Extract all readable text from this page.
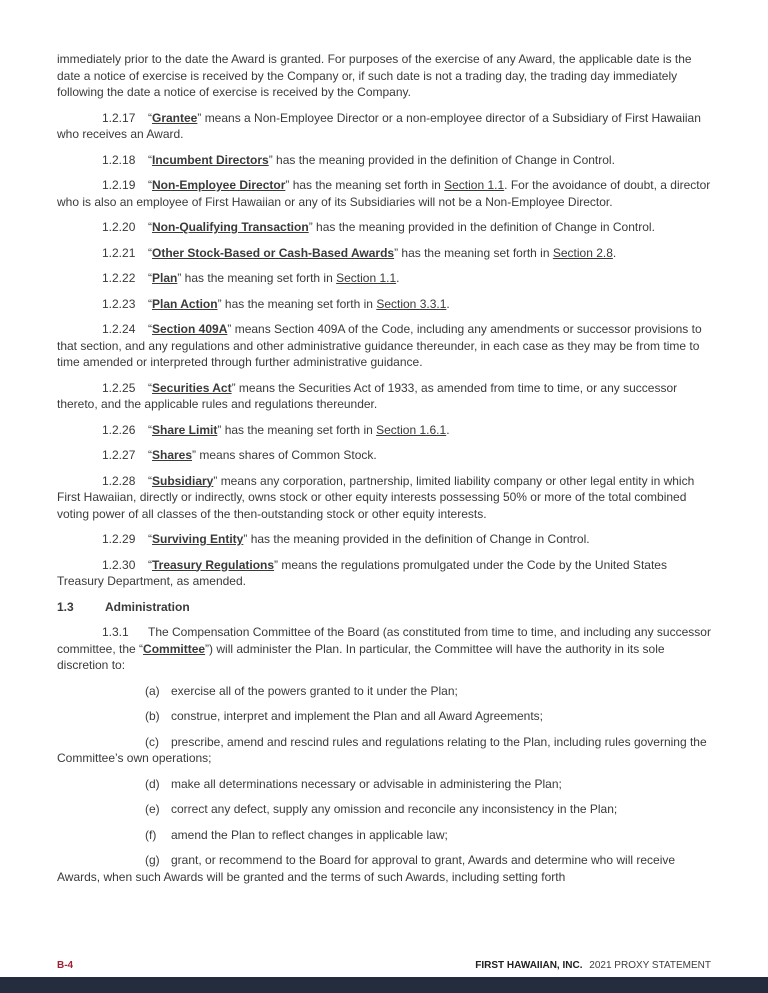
immediately prior to the date the Award is granted. For purposes of the exercise of any Award, the applicable date is the date a notice of exercise is received by the Company or, if such date is not a trading day, the trading day immediately following the date a notice of exercise is received by the Company.

1.2.17 “Grantee” means a Non-Employee Director or a non-employee director of a Subsidiary of First Hawaiian who receives an Award.

1.2.18 “Incumbent Directors” has the meaning provided in the definition of Change in Control.

1.2.19 “Non-Employee Director” has the meaning set forth in Section 1.1. For the avoidance of doubt, a director who is also an employee of First Hawaiian or any of its Subsidiaries will not be a Non-Employee Director.

1.2.20 “Non-Qualifying Transaction” has the meaning provided in the definition of Change in Control.

1.2.21 “Other Stock-Based or Cash-Based Awards” has the meaning set forth in Section 2.8.

1.2.22 “Plan” has the meaning set forth in Section 1.1.

1.2.23 “Plan Action” has the meaning set forth in Section 3.3.1.

1.2.24 “Section 409A” means Section 409A of the Code, including any amendments or successor provisions to that section, and any regulations and other administrative guidance thereunder, in each case as they may be from time to time amended or interpreted through further administrative guidance.

1.2.25 “Securities Act” means the Securities Act of 1933, as amended from time to time, or any successor thereto, and the applicable rules and regulations thereunder.

1.2.26 “Share Limit” has the meaning set forth in Section 1.6.1.

1.2.27 “Shares” means shares of Common Stock.

1.2.28 “Subsidiary” means any corporation, partnership, limited liability company or other legal entity in which First Hawaiian, directly or indirectly, owns stock or other equity interests possessing 50% or more of the total combined voting power of all classes of the then-outstanding stock or other equity interests.

1.2.29 “Surviving Entity” has the meaning provided in the definition of Change in Control.

1.2.30 “Treasury Regulations” means the regulations promulgated under the Code by the United States Treasury Department, as amended.

1.3	Administration

1.3.1 The Compensation Committee of the Board (as constituted from time to time, and including any successor committee, the “Committee”) will administer the Plan. In particular, the Committee will have the authority in its sole discretion to:

(a) exercise all of the powers granted to it under the Plan;

(b) construe, interpret and implement the Plan and all Award Agreements;

(c) prescribe, amend and rescind rules and regulations relating to the Plan, including rules governing the Committee’s own operations;

(d) make all determinations necessary or advisable in administering the Plan;

(e) correct any defect, supply any omission and reconcile any inconsistency in the Plan;

(f) amend the Plan to reflect changes in applicable law;

(g) grant, or recommend to the Board for approval to grant, Awards and determine who will receive Awards, when such Awards will be granted and the terms of such Awards, including setting forth

B-4	FIRST HAWAIIAN, INC. 2021 PROXY STATEMENT
